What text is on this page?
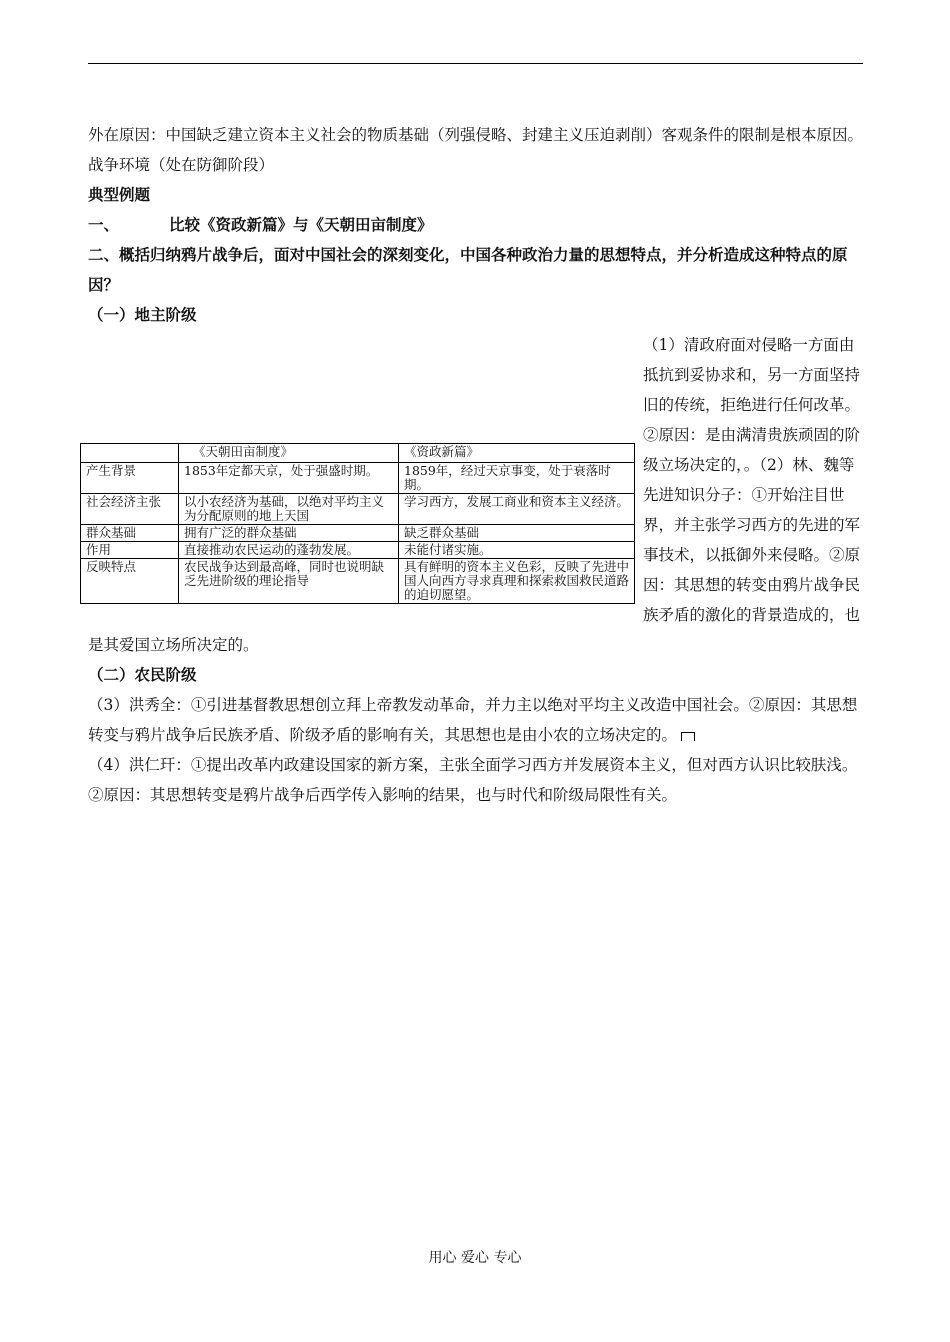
外在原因：中国缺乏建立资本主义社会的物质基础（列强侵略、封建主义压迫剥削）客观条件的限制是根本原因。

战争环境（处在防御阶段）

典型例题

一、	比较《资政新篇》与《天朝田亩制度》

二、概括归纳鸦片战争后，面对中国社会的深刻变化，中国各种政治力量的思想特点，并分析造成这种特点的原因？

（一）地主阶级

（1）清政府面对侵略一方面由抵抗到妥协求和，另一方面坚持旧的传统，拒绝进行任何改革。②原因：是由满清贵族顽固的阶级立场决定的，。（2）林、魏等先进知识分子：①开始注目世界，并主张学习西方的先进的军事技术，以抵御外来侵略。②原因：其思想的转变由鸦片战争民族矛盾的激化的背景造成的，也是其爱国立场所决定的。

（二）农民阶级

（3）洪秀全：①引进基督教思想创立拜上帝教发动革命，并力主以绝对平均主义改造中国社会。②原因：其思想转变与鸦片战争后民族矛盾、阶级矛盾的影响有关，其思想也是由小农的立场决定的。

（4）洪仁玕：①提出改革内政建设国家的新方案，主张全面学习西方并发展资本主义，但对西方认识比较肤浅。②原因：其思想转变是鸦片战争后西学传入影响的结果，也与时代和阶级局限性有关。

	《天朝田亩制度》	《资政新篇》
产生背景	1853年定都天京，处于强盛时期。	1859年，经过天京事变，处于衰落时期。
社会经济主张	以小农经济为基础，以绝对平均主义为分配原则的地上天国	学习西方，发展工商业和资本主义经济。
群众基础	拥有广泛的群众基础	缺乏群众基础
作用	直接推动农民运动的蓬勃发展。	未能付诸实施。
反映特点	农民战争达到最高峰，同时也说明缺乏先进阶级的理论指导	具有鲜明的资本主义色彩，反映了先进中国人向西方寻求真理和探索救国救民道路的迫切愿望。
用心 爱心 专心
